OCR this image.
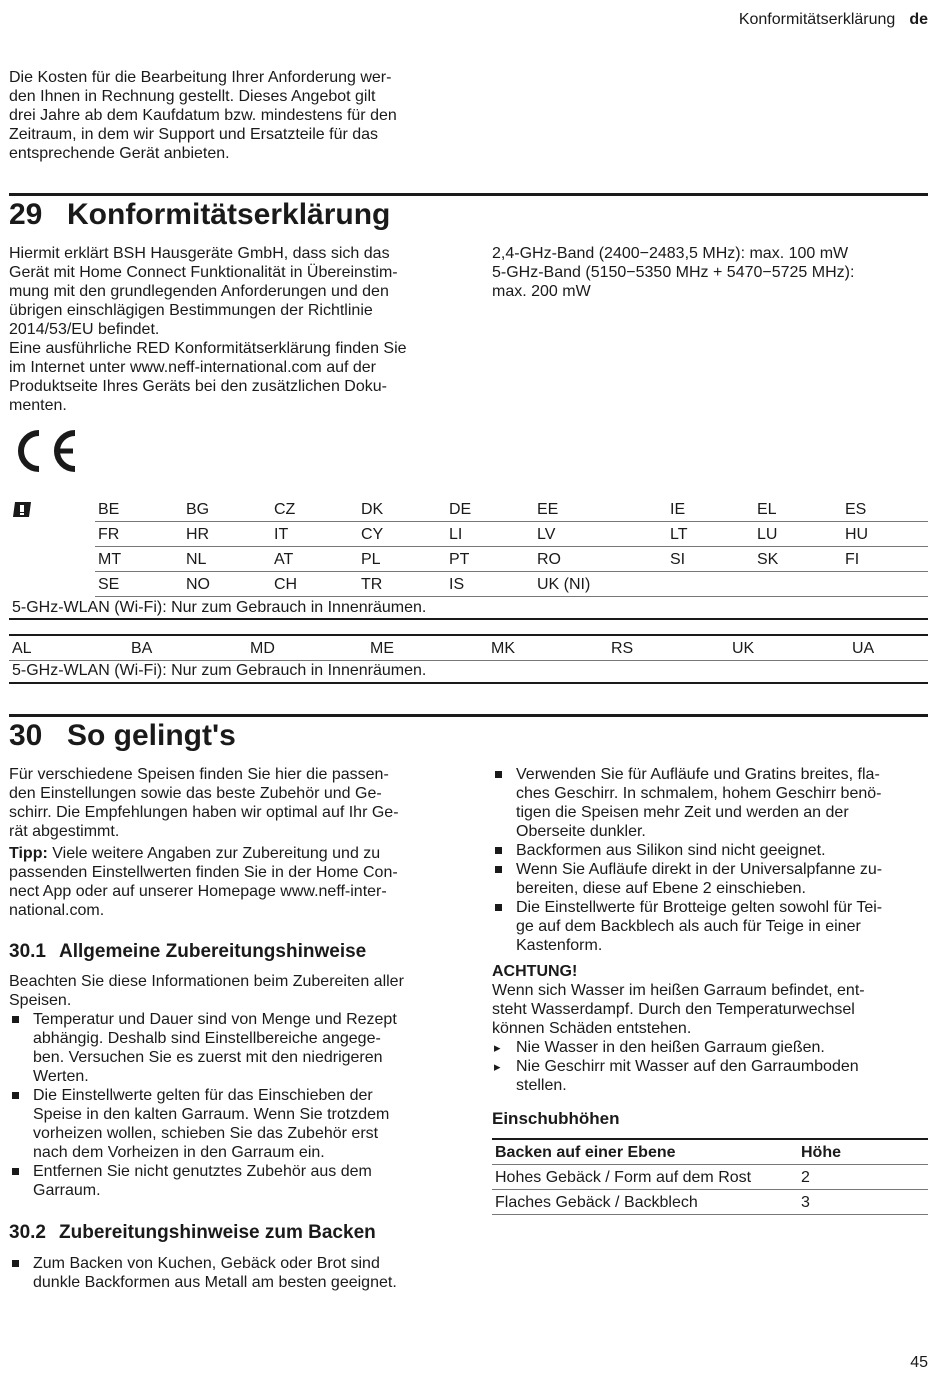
Konformitätserklärung de

Die Kosten für die Bearbeitung Ihrer Anforderung wer-

den Ihnen in Rechnung gestellt. Dieses Angebot gilt

drei Jahre ab dem Kaufdatum bzw. mindestens für den

Zeitraum, in dem wir Support und Ersatzteile für das

entsprechende Gerät anbieten.

29 Konformitätserklärung

Hiermit erklärt BSH Hausgeräte GmbH, dass sich das

Gerät mit Home Connect Funktionalität in Übereinstim-

mung mit den grundlegenden Anforderungen und den

übrigen einschlägigen Bestimmungen der Richtlinie

2014/53/EU befindet.

Eine ausführliche RED Konformitätserklärung finden Sie

im Internet unter www.neff-international.com auf der

Produktseite Ihres Geräts bei den zusätzlichen Doku-

menten.

2,4-GHz-Band (2400−2483,5 MHz): max. 100 mW

5-GHz-Band (5150−5350 MHz + 5470−5725 MHz):

max. 200 mW

BE	BG	CZ	DK	DE	EE	IE	EL	ES
FR	HR	IT	CY	LI	LV	LT	LU	HU
MT	NL	AT	PL	PT	RO	SI	SK	FI
SE	NO	CH	TR	IS	UK (NI)			
5-GHz-WLAN (Wi-Fi): Nur zum Gebrauch in Innenräumen.
AL	BA	MD	ME	MK	RS	UK	UA
5-GHz-WLAN (Wi-Fi): Nur zum Gebrauch in Innenräumen.
30 So gelingt's

Für verschiedene Speisen finden Sie hier die passen-

den Einstellungen sowie das beste Zubehör und Ge-

schirr. Die Empfehlungen haben wir optimal auf Ihr Ge-

rät abgestimmt.

Tipp: Viele weitere Angaben zur Zubereitung und zu

passenden Einstellwerten finden Sie in der Home Con-

nect App oder auf unserer Homepage www.neff-inter-

national.com.

30.1 Allgemeine Zubereitungshinweise

Beachten Sie diese Informationen beim Zubereiten aller

Speisen.

Temperatur und Dauer sind von Menge und Rezept

abhängig. Deshalb sind Einstellbereiche angege-

ben. Versuchen Sie es zuerst mit den niedrigeren

Werten.

Die Einstellwerte gelten für das Einschieben der

Speise in den kalten Garraum. Wenn Sie trotzdem

vorheizen wollen, schieben Sie das Zubehör erst

nach dem Vorheizen in den Garraum ein.

Entfernen Sie nicht genutztes Zubehör aus dem

Garraum.

30.2 Zubereitungshinweise zum Backen

Zum Backen von Kuchen, Gebäck oder Brot sind

dunkle Backformen aus Metall am besten geeignet.

Verwenden Sie für Aufläufe und Gratins breites, fla-

ches Geschirr. In schmalem, hohem Geschirr benö-

tigen die Speisen mehr Zeit und werden an der

Oberseite dunkler.

Backformen aus Silikon sind nicht geeignet.

Wenn Sie Aufläufe direkt in der Universalpfanne zu-

bereiten, diese auf Ebene 2 einschieben.

Die Einstellwerte für Brotteige gelten sowohl für Tei-

ge auf dem Backblech als auch für Teige in einer

Kastenform.

ACHTUNG!

Wenn sich Wasser im heißen Garraum befindet, ent-

steht Wasserdampf. Durch den Temperaturwechsel

können Schäden entstehen.

▸ Nie Wasser in den heißen Garraum gießen.

▸ Nie Geschirr mit Wasser auf den Garraumboden

stellen.

Einschubhöhen
Backen auf einer Ebene	Höhe
Hohes Gebäck / Form auf dem Rost	2
Flaches Gebäck / Backblech	3
45
